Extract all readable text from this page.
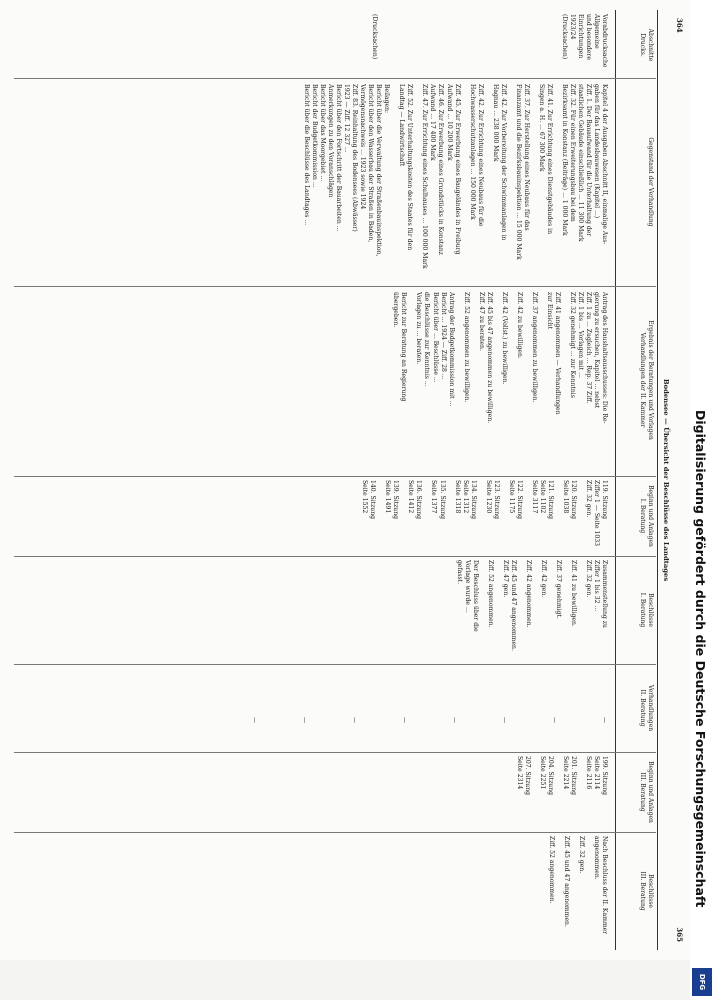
364
365
Bodensee — Übersicht der Beschlüsse des Landtages
Abschnitte
Drucks.
Gegenstand der Verhandlung
Ergebnis der Beratungen und Vorlagen
Verhandlungen der II. Kammer
Beginn und Anlagen
I. Beratung
Beschlüsse
I. Beratung
Verhandlungen
II. Beratung
Beginn und Anlagen
III. Beratung
Beschlüsse
III. Beratung
Vorabdrucksache
Allgemeine
und besondere
Einrichtungen
1923/24
(Drucksachen)
(Drucksachen)
Kapitel 4 der Ausgaben Abschnitt II, einmalige Aus-
gaben für das Landesbauwesen (Kapitel ...)
Ziff. 1. Der Bauaufwand für die Unterhaltung der
staatlichen Gebäude einschließlich ... 11 300 Mark
Ziff. 32. Für einen Erweiterungsbau bei dem
Bezirksamt in Konstanz (Beiträge) ... 1 000 Mark
Ziff. 41. Zur Errichtung eines Dienstgebäudes in
Singen a. H. ... 67 300 Mark
Ziff. 37. Zur Herstellung eines Neubaus für das
Finanzamt und die Bezirksbauinspektion ... 15 000 Mark
Ziff. 42. Zur Vorbereitung der Schwimmanlagen in
Hagnau ... 238 000 Mark
Ziff. 42. Zur Errichtung eines Neubaus für die
Hochwasserschutzanlagen ... 150 000 Mark
Ziff. 45. Zur Erwerbung eines Baugeländes in Freiburg
Aufwand ... 10 200 Mark
Ziff. 46. Zur Erwerbung eines Grundstücks in Konstanz
Aufwand ... 17 400 Mark
Ziff. 47. Zur Errichtung eines Schulhauses ... 100 000 Mark
Ziff. 52. Zur Unterhaltungskosten des Staates für den
Landtag — Landwirtschaft
Beilagen:
Bericht über die Verwaltung der Straßenbauinspektion,
Bericht über den Wasserbau der Straßen in Baden,
Vermögensnachweis ... 1923 sowie 1924
Ziff. 83. Reinhaltung des Bodensees (Abwässer)
1923 — Ziff. 12 327 ...
Bericht über den Fortschritt der Bauarbeiten ...
Anmerkungen zu den Voranschlägen
Bericht über das Moorgebiet ...
Bericht der Budgetkommission ...
Bericht über die Beschlüsse des Landtages ...
Antrag des Haushaltsausschusses: Die Re-
gierung zu ersuchen, Kapitel ... nebst
Ziff. 1 zu ... Zugleich ... Rep. 37 Ziff.
Ziff. 1 bis ... Vorlagen mit ...
Ziff. 32 genehmigt ... zur Kenntnis
Ziff. 41 angenommen — Verhandlungen
zur Einsicht
Ziff. 37 angenommen zu bewilligen.
Ziff. 42 zu bewilligen.
Ziff. 42 (Vollst.) zu bewilligen.
Ziff. 45 bis 47 angenommen zu bewilligen.
Ziff. 47 zu beraten.
Ziff. 52 angenommen zu bewilligen.
Antrag der Budgetkommission mit ...
Bericht ... 1924 — Ziff. 28 ...
Bericht über ... Beschlüsse ...
die Beschlüsse zur Kenntnis ...
Vorlagen zu ... beraten.
Bericht zur Beratung an Regierung
übergeben.
119. Sitzung
Ziffer 1 — Seite 1033
Ziff. 32 gen.
120. Sitzung
Seite 1038
121. Sitzung
Seite 1102
Seite 3117
122. Sitzung
Seite 1175
123. Sitzung
Seite 1230
134. Sitzung
Seite 1312
Seite 1318
135. Sitzung
Seite 1377
136. Sitzung
Seite 1412
139. Sitzung
Seite 1491
140. Sitzung
Seite 1552
Zusammenstellung zu
Ziffer 1 bis 32 ...
Ziff. 32 gen.
Ziff. 41 zu bewilligen.
Ziff. 37 genehmigt.
Ziff. 42 gen.
Ziff. 42 angenommen.
Ziff. 45 und 47 angenommen.
Ziff. 47 gen.
Ziff. 52 angenommen.
Der Beschluss über die
Vorlage wurde ...
gefasst.
—
—
—
—
—
—
—
—
199. Sitzung
Seite 2114
Seite 2116
201. Sitzung
Seite 2214
204. Sitzung
Seite 2251
207. Sitzung
Seite 2314
Nach Beschluss der II. Kammer
angenommen.
Ziff. 32 gen.
Ziff. 45 und 47 angenommen.
Ziff. 52 angenommen.	Digitalisierung gefördert durch die Deutsche Forschungsgemeinschaft
DFG
